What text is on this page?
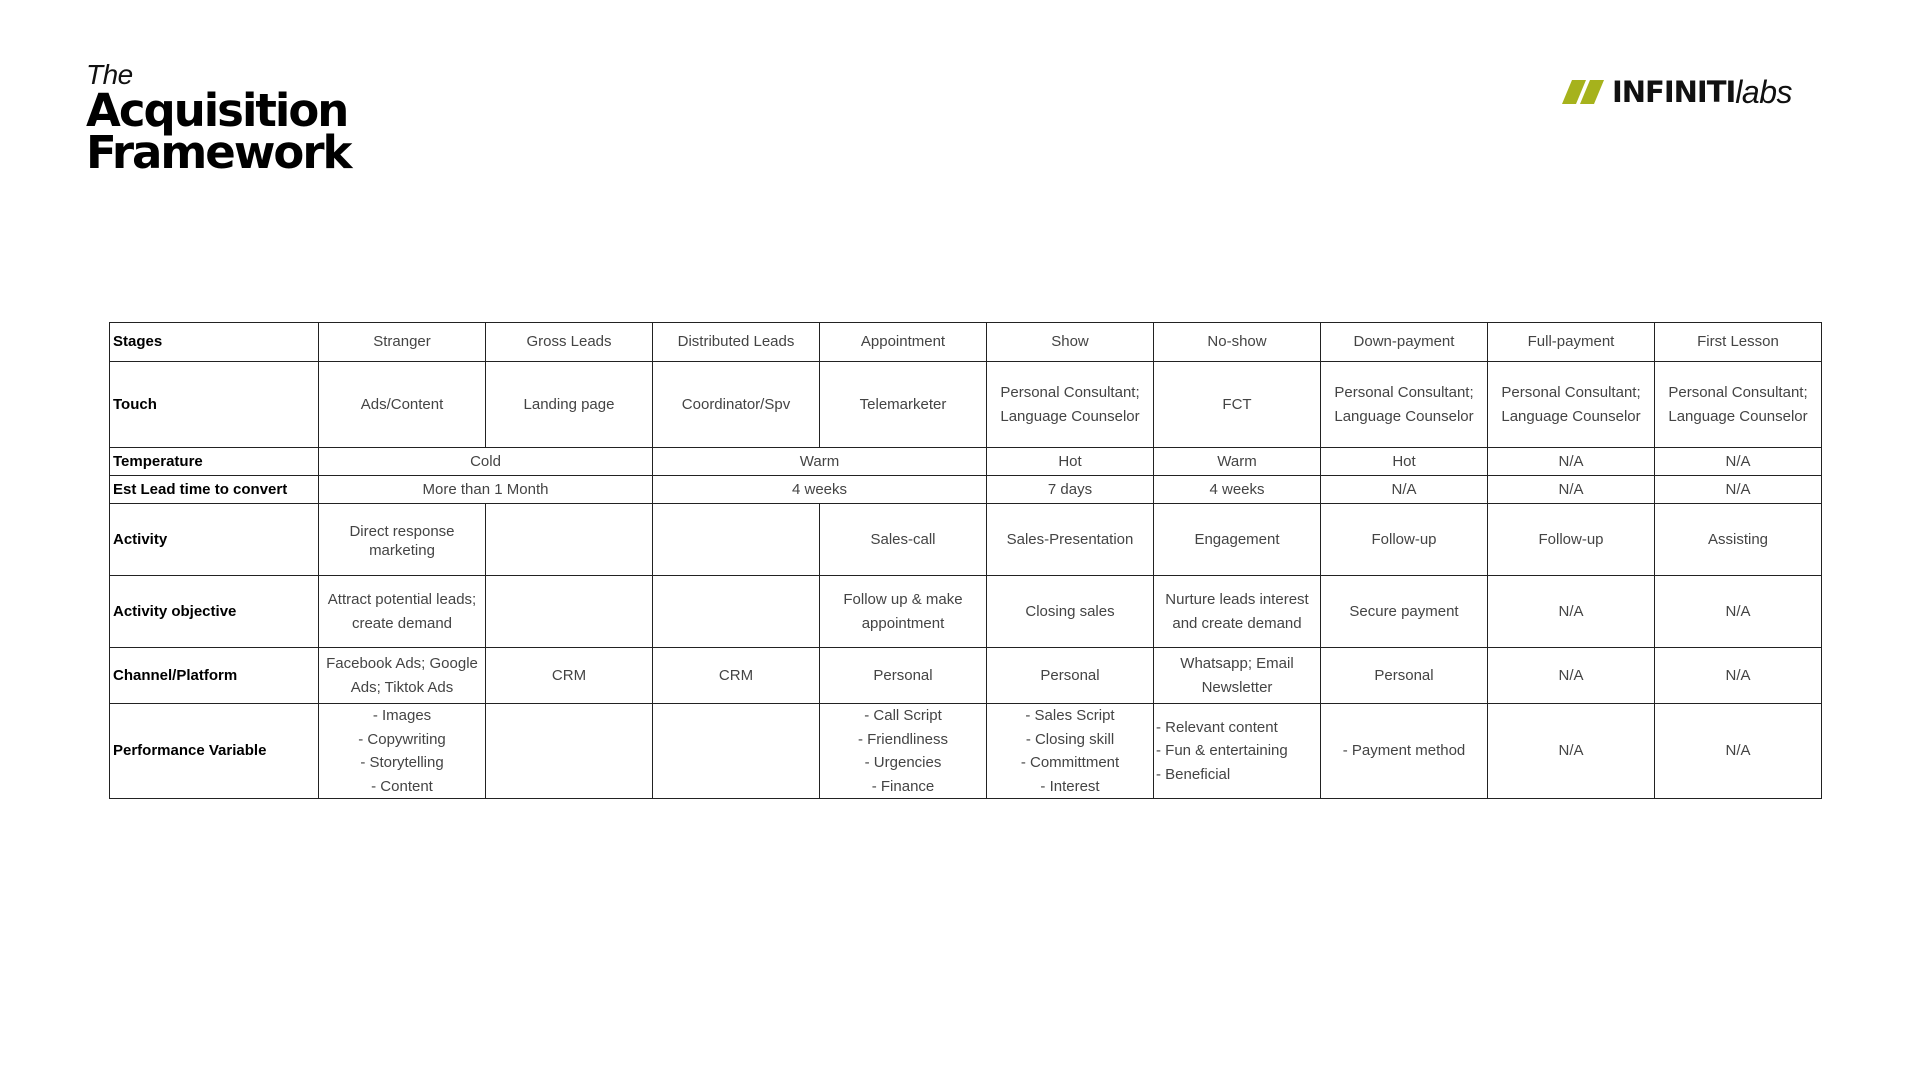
The
Acquisition
Framework
INFINITI labs
Stages	Stranger	Gross Leads	Distributed Leads	Appointment	Show	No-show	Down-payment	Full-payment	First Lesson
Touch	Ads/Content	Landing page	Coordinator/Spv	Telemarketer	Personal Consultant; Language Counselor	FCT	Personal Consultant; Language Counselor	Personal Consultant; Language Counselor	Personal Consultant; Language Counselor
Temperature	Cold		Warm		Hot	Warm	Hot	N/A	N/A
Est Lead time to convert	More than 1 Month		4 weeks		7 days	4 weeks	N/A	N/A	N/A
Activity	Direct response marketing			Sales-call	Sales-Presentation	Engagement	Follow-up	Follow-up	Assisting
Activity objective	Attract potential leads; create demand			Follow up & make appointment	Closing sales	Nurture leads interest and create demand	Secure payment	N/A	N/A
Channel/Platform	Facebook Ads; Google Ads; Tiktok Ads	CRM	CRM	Personal	Personal	Whatsapp; Email Newsletter	Personal	N/A	N/A
Performance Variable	- Images
- Copywriting
- Storytelling
- Content			- Call Script
- Friendliness
- Urgencies
- Finance	- Sales Script
- Closing skill
- Committment
- Interest	- Relevant content
- Fun & entertaining
- Beneficial	- Payment method	N/A	N/A
